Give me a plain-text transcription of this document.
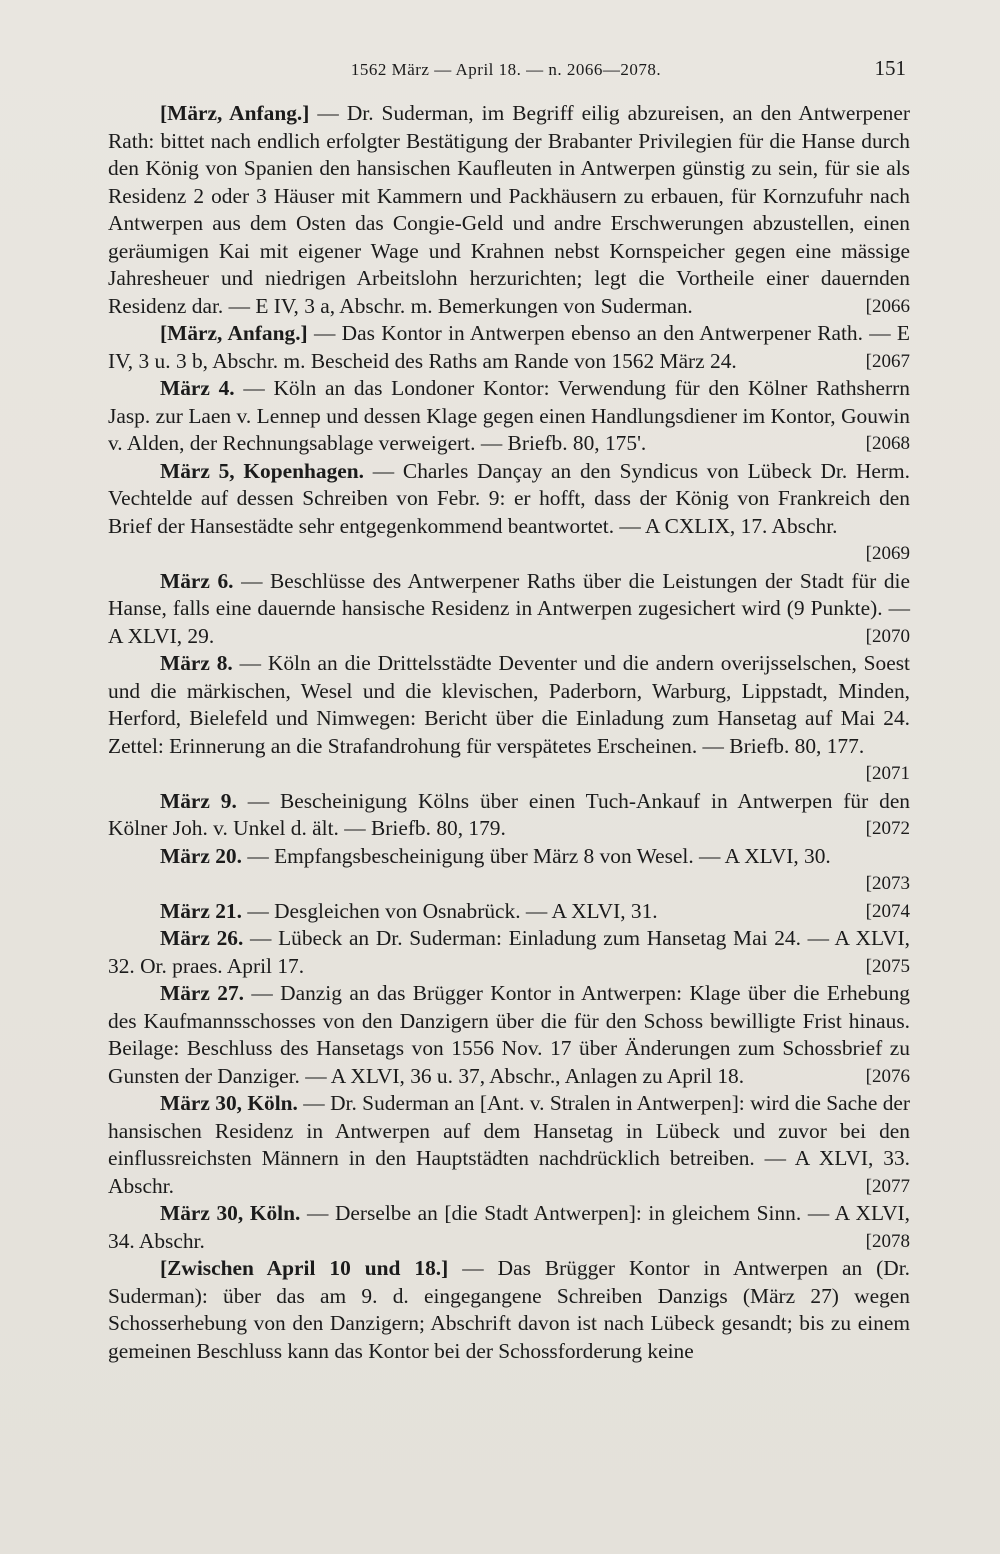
1562 März — April 18. — n. 2066—2078.	151

[März, Anfang.] — Dr. Suderman, im Begriff eilig abzureisen, an den Antwerpener Rath: bittet nach endlich erfolgter Bestätigung der Brabanter Privilegien für die Hanse durch den König von Spanien den hansischen Kaufleuten in Antwerpen günstig zu sein, für sie als Residenz 2 oder 3 Häuser mit Kammern und Packhäusern zu erbauen, für Kornzufuhr nach Antwerpen aus dem Osten das Congie-Geld und andre Erschwerungen abzustellen, einen geräumigen Kai mit eigener Wage und Krahnen nebst Kornspeicher gegen eine mässige Jahresheuer und niedrigen Arbeitslohn herzurichten; legt die Vortheile einer dauernden Residenz dar. — E IV, 3 a, Abschr. m. Bemerkungen von Suderman.	[2066

[März, Anfang.] — Das Kontor in Antwerpen ebenso an den Antwerpener Rath. — E IV, 3 u. 3 b, Abschr. m. Bescheid des Raths am Rande von 1562 März 24.	[2067

März 4. — Köln an das Londoner Kontor: Verwendung für den Kölner Rathsherrn Jasp. zur Laen v. Lennep und dessen Klage gegen einen Handlungsdiener im Kontor, Gouwin v. Alden, der Rechnungsablage verweigert. — Briefb. 80, 175'.	[2068

März 5, Kopenhagen. — Charles Dançay an den Syndicus von Lübeck Dr. Herm. Vechtelde auf dessen Schreiben von Febr. 9: er hofft, dass der König von Frankreich den Brief der Hansestädte sehr entgegenkommend beantwortet. — A CXLIX, 17. Abschr.
[2069

März 6. — Beschlüsse des Antwerpener Raths über die Leistungen der Stadt für die Hanse, falls eine dauernde hansische Residenz in Antwerpen zugesichert wird (9 Punkte). — A XLVI, 29.	[2070

März 8. — Köln an die Drittelsstädte Deventer und die andern overijsselschen, Soest und die märkischen, Wesel und die klevischen, Paderborn, Warburg, Lippstadt, Minden, Herford, Bielefeld und Nimwegen: Bericht über die Einladung zum Hansetag auf Mai 24. Zettel: Erinnerung an die Strafandrohung für verspätetes Erscheinen. — Briefb. 80, 177.
[2071

März 9. — Bescheinigung Kölns über einen Tuch-Ankauf in Antwerpen für den Kölner Joh. v. Unkel d. ält. — Briefb. 80, 179.	[2072

März 20. — Empfangsbescheinigung über März 8 von Wesel. — A XLVI, 30.
[2073

März 21. — Desgleichen von Osnabrück. — A XLVI, 31.	[2074

März 26. — Lübeck an Dr. Suderman: Einladung zum Hansetag Mai 24. — A XLVI, 32. Or. praes. April 17.	[2075

März 27. — Danzig an das Brügger Kontor in Antwerpen: Klage über die Erhebung des Kaufmannsschosses von den Danzigern über die für den Schoss bewilligte Frist hinaus. Beilage: Beschluss des Hansetags von 1556 Nov. 17 über Änderungen zum Schossbrief zu Gunsten der Danziger. — A XLVI, 36 u. 37, Abschr., Anlagen zu April 18.	[2076

März 30, Köln. — Dr. Suderman an [Ant. v. Stralen in Antwerpen]: wird die Sache der hansischen Residenz in Antwerpen auf dem Hansetag in Lübeck und zuvor bei den einflussreichsten Männern in den Hauptstädten nachdrücklich betreiben. — A XLVI, 33. Abschr.	[2077

März 30, Köln. — Derselbe an [die Stadt Antwerpen]: in gleichem Sinn. — A XLVI, 34. Abschr.	[2078

[Zwischen April 10 und 18.] — Das Brügger Kontor in Antwerpen an (Dr. Suderman): über das am 9. d. eingegangene Schreiben Danzigs (März 27) wegen Schosserhebung von den Danzigern; Abschrift davon ist nach Lübeck gesandt; bis zu einem gemeinen Beschluss kann das Kontor bei der Schossforderung keine
